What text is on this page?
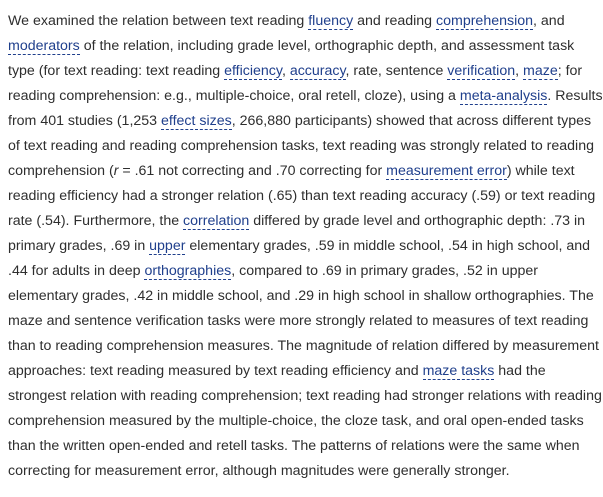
We examined the relation between text reading fluency and reading comprehension, and
moderators of the relation, including grade level, orthographic depth, and assessment task
type (for text reading: text reading efficiency, accuracy, rate, sentence verification, maze; for
reading comprehension: e.g., multiple-choice, oral retell, cloze), using a meta-analysis. Results
from 401 studies (1,253 effect sizes, 266,880 participants) showed that across different types
of text reading and reading comprehension tasks, text reading was strongly related to reading
comprehension (r = .61 not correcting and .70 correcting for measurement error) while text
reading efficiency had a stronger relation (.65) than text reading accuracy (.59) or text reading
rate (.54). Furthermore, the correlation differed by grade level and orthographic depth: .73 in
primary grades, .69 in upper elementary grades, .59 in middle school, .54 in high school, and
.44 for adults in deep orthographies, compared to .69 in primary grades, .52 in upper
elementary grades, .42 in middle school, and .29 in high school in shallow orthographies. The
maze and sentence verification tasks were more strongly related to measures of text reading
than to reading comprehension measures. The magnitude of relation differed by measurement
approaches: text reading measured by text reading efficiency and maze tasks had the
strongest relation with reading comprehension; text reading had stronger relations with reading
comprehension measured by the multiple-choice, the cloze task, and oral open-ended tasks
than the written open-ended and retell tasks. The patterns of relations were the same when
correcting for measurement error, although magnitudes were generally stronger.
